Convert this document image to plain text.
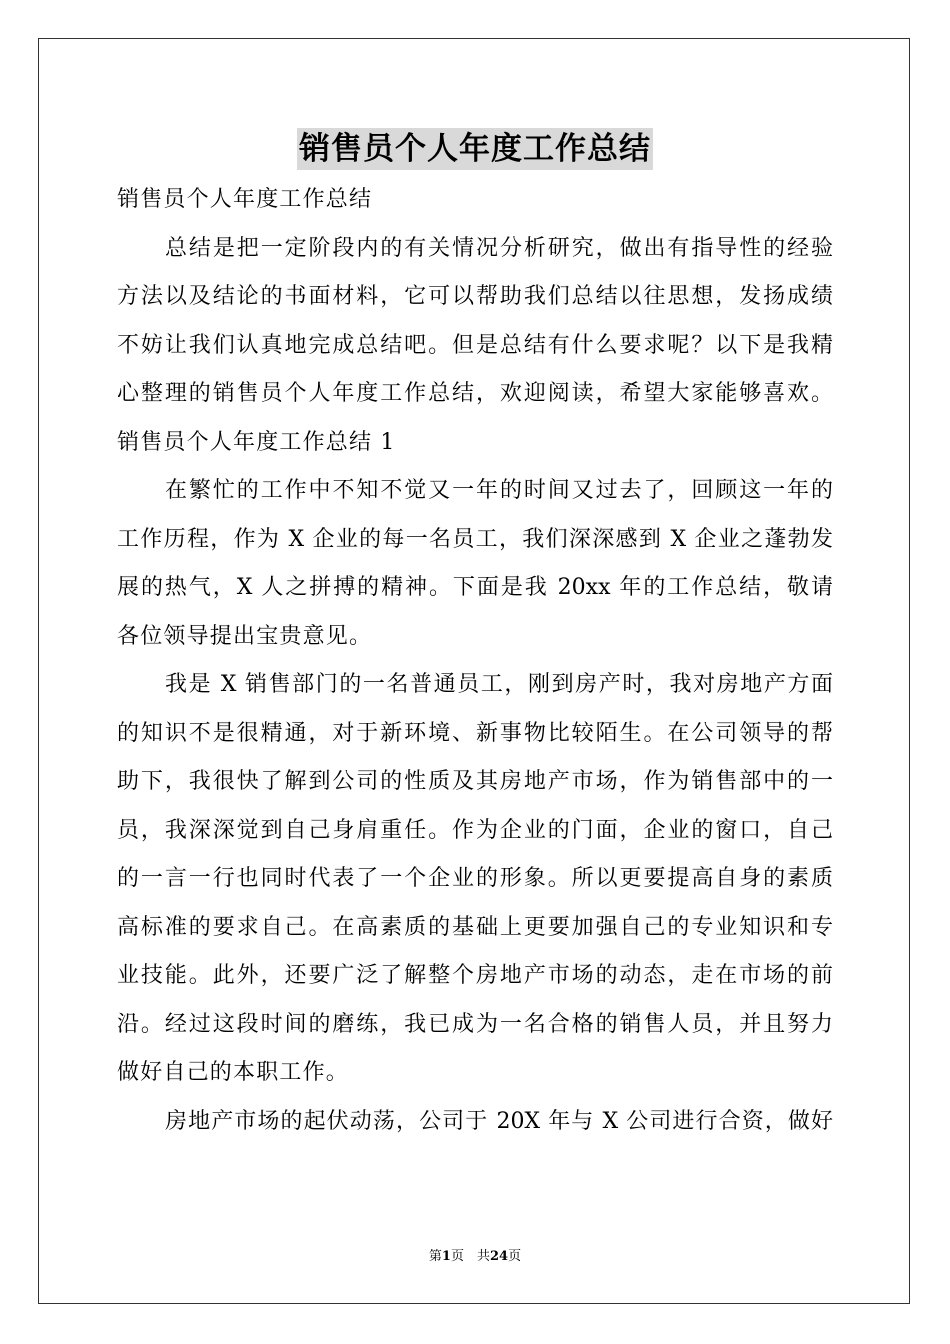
销售员个人年度工作总结
销售员个人年度工作总结
总结是把一定阶段内的有关情况分析研究，做出有指导性的经验
方法以及结论的书面材料，它可以帮助我们总结以往思想，发扬成绩
不妨让我们认真地完成总结吧。但是总结有什么要求呢？以下是我精
心整理的销售员个人年度工作总结，欢迎阅读，希望大家能够喜欢。
销售员个人年度工作总结 1
在繁忙的工作中不知不觉又一年的时间又过去了，回顾这一年的
工作历程，作为 X 企业的每一名员工，我们深深感到 X 企业之蓬勃发
展的热气，X 人之拼搏的精神。下面是我 20xx 年的工作总结，敬请
各位领导提出宝贵意见。
我是 X 销售部门的一名普通员工，刚到房产时，我对房地产方面
的知识不是很精通，对于新环境、新事物比较陌生。在公司领导的帮
助下，我很快了解到公司的性质及其房地产市场，作为销售部中的一
员，我深深觉到自己身肩重任。作为企业的门面，企业的窗口，自己
的一言一行也同时代表了一个企业的形象。所以更要提高自身的素质
高标准的要求自己。在高素质的基础上更要加强自己的专业知识和专
业技能。此外，还要广泛了解整个房地产市场的动态，走在市场的前
沿。经过这段时间的磨练，我已成为一名合格的销售人员，并且努力
做好自己的本职工作。
房地产市场的起伏动荡，公司于 20X 年与 X 公司进行合资，做好
第1页　共24页
